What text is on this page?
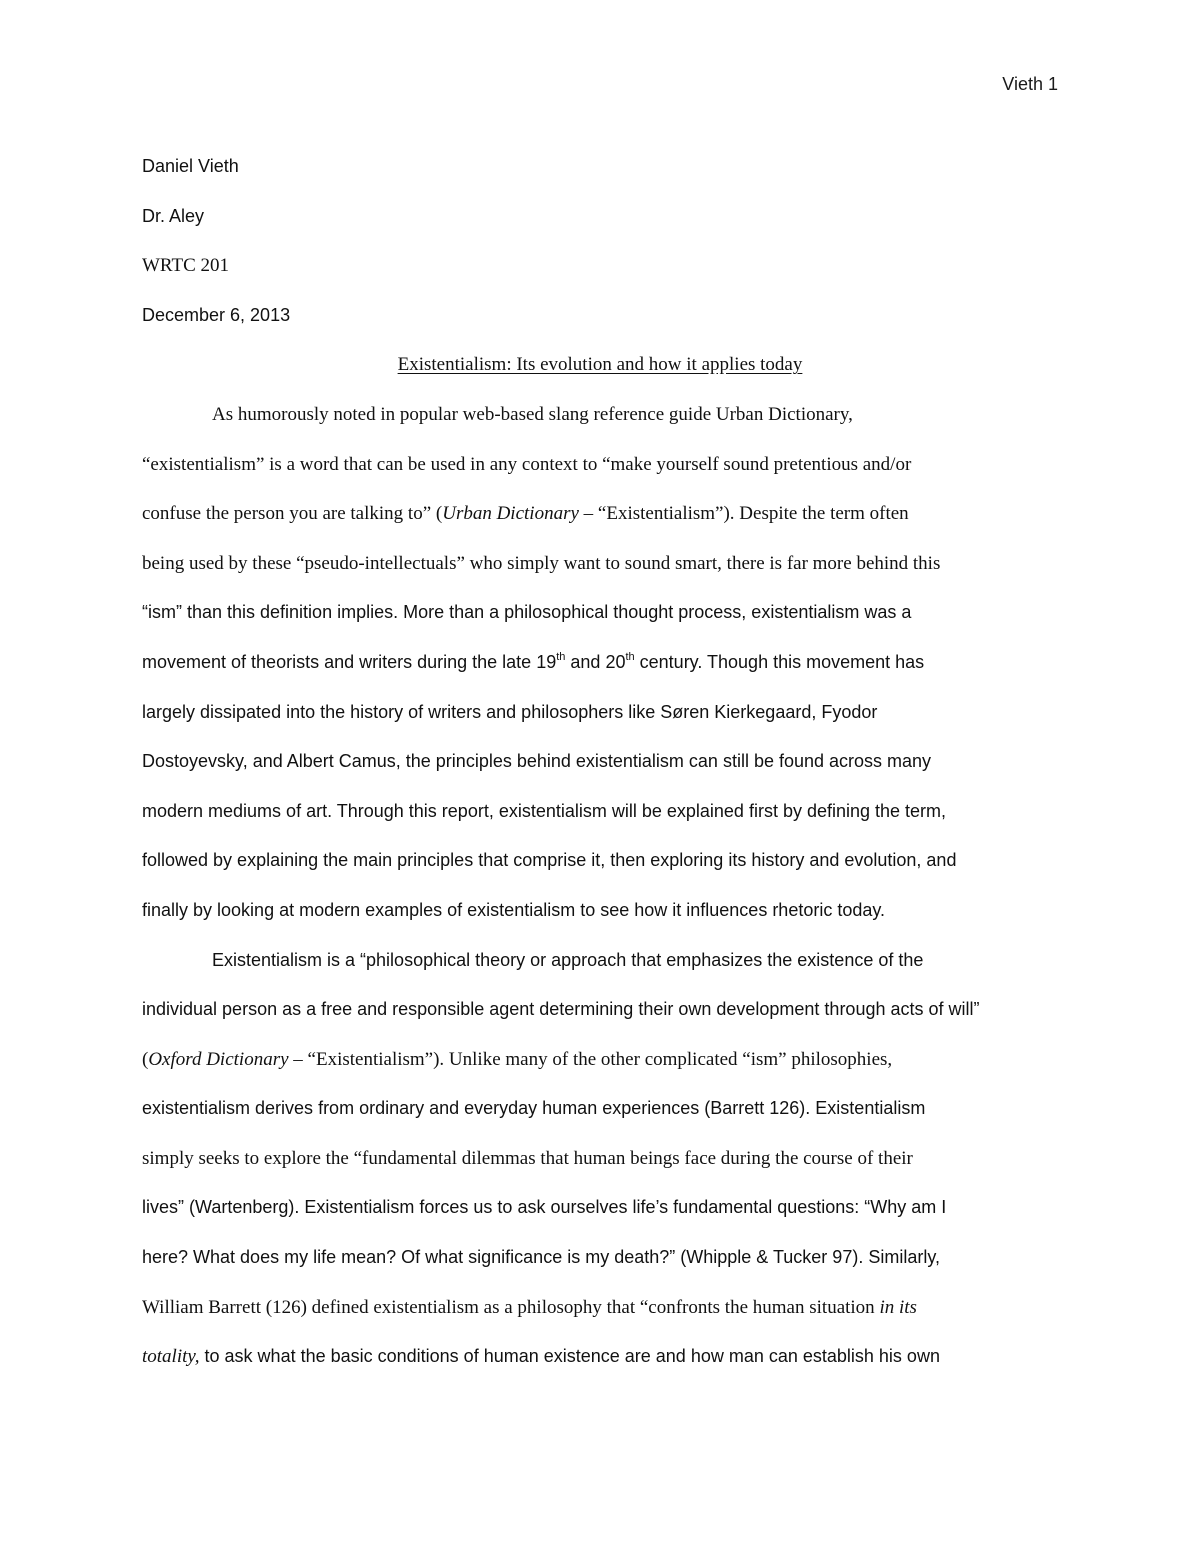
Vieth 1

Daniel Vieth

Dr. Aley

WRTC 201

December 6, 2013

Existentialism: Its evolution and how it applies today

As humorously noted in popular web-based slang reference guide Urban Dictionary,

“existentialism” is a word that can be used in any context to “make yourself sound pretentious and/or

confuse the person you are talking to” (Urban Dictionary – “Existentialism”). Despite the term often

being used by these “pseudo-intellectuals” who simply want to sound smart, there is far more behind this

“ism” than this definition implies. More than a philosophical thought process, existentialism was a

movement of theorists and writers during the late 19th and 20th century. Though this movement has

largely dissipated into the history of writers and philosophers like Søren Kierkegaard, Fyodor

Dostoyevsky, and Albert Camus, the principles behind existentialism can still be found across many

modern mediums of art. Through this report, existentialism will be explained first by defining the term,

followed by explaining the main principles that comprise it, then exploring its history and evolution, and

finally by looking at modern examples of existentialism to see how it influences rhetoric today.

Existentialism is a “philosophical theory or approach that emphasizes the existence of the

individual person as a free and responsible agent determining their own development through acts of will”

(Oxford Dictionary – “Existentialism”). Unlike many of the other complicated “ism” philosophies,

existentialism derives from ordinary and everyday human experiences (Barrett 126). Existentialism

simply seeks to explore the “fundamental dilemmas that human beings face during the course of their

lives” (Wartenberg). Existentialism forces us to ask ourselves life’s fundamental questions: “Why am I

here? What does my life mean? Of what significance is my death?” (Whipple & Tucker 97). Similarly,

William Barrett (126) defined existentialism as a philosophy that “confronts the human situation in its

totality, to ask what the basic conditions of human existence are and how man can establish his own
